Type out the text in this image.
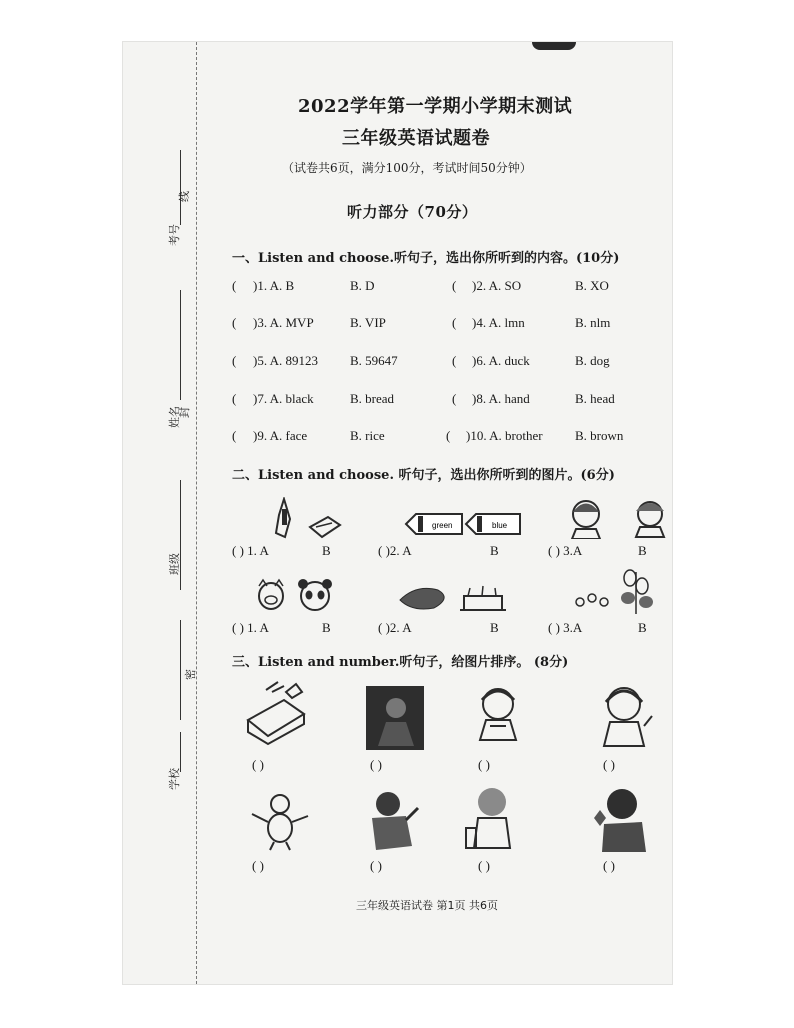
考号
线
姓名
封
班级
密
学校
2022学年第一学期小学期末测试
三年级英语试题卷
（试卷共6页，满分100分，考试时间50分钟）
听力部分（70分）
一、Listen and choose.听句子，选出你所听到的内容。(10分)
( )1. A. B	B. D	( )2. A. SO	B. XO
( )3. A. MVP	B. VIP	( )4. A. lmn	B. nlm
( )5. A. 89123 B. 59647	( )6. A. duck	B. dog
( )7. A. black	B. bread	( )8. A. hand	B. head
( )9. A. face	B. rice	( )10. A. brother B. brown
二、Listen and choose. 听句子，选出你所听到的图片。(6分)
green	blue
( ) 1. A	B	( )2. A	B	( ) 3.A	B
( ) 1. A	B	( )2. A	B	( ) 3.A	B
三、Listen and number.听句子，给图片排序。 (8分)
( )	( )	( )	( )
( )	( )	( )	( )
三年级英语试卷 第1页 共6页
